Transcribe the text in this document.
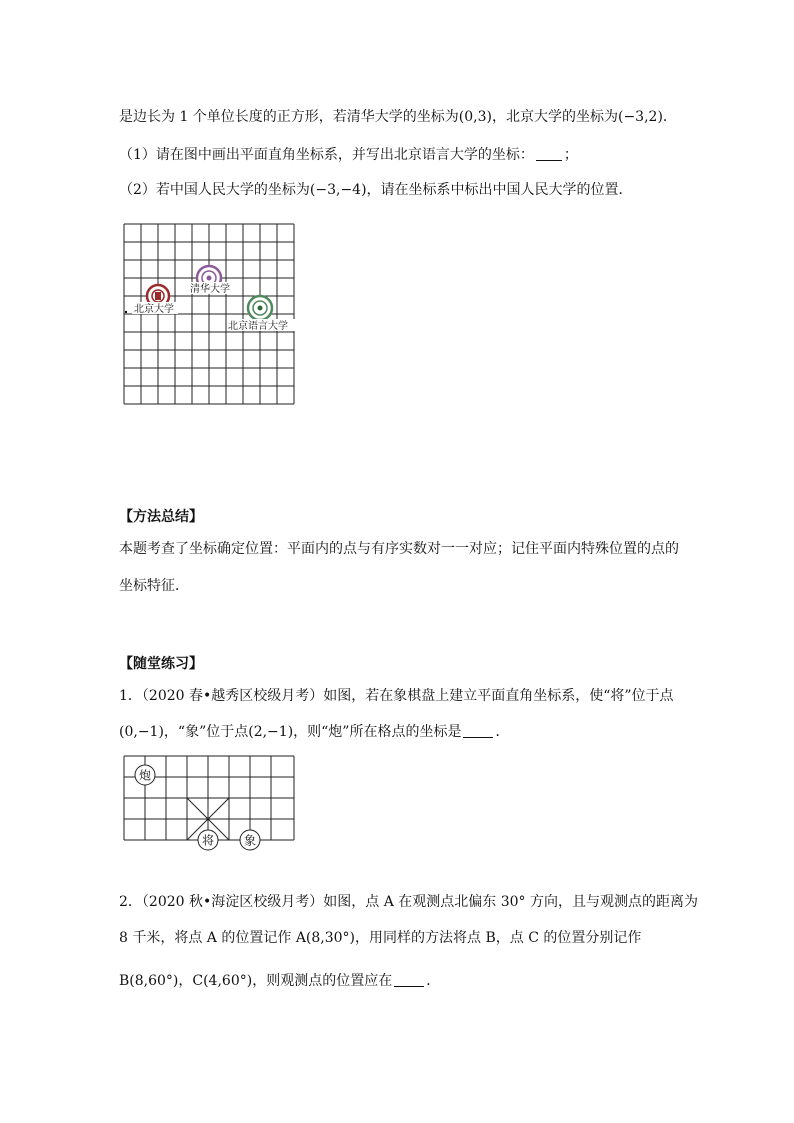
是边长为 1 个单位长度的正方形，若清华大学的坐标为(0,3)，北京大学的坐标为(−3,2)．
（1）请在图中画出平面直角坐标系，并写出北京语言大学的坐标： ；
（2）若中国人民大学的坐标为(−3,−4)，请在坐标系中标出中国人民大学的位置．
清华大学
北京大学
北京语言大学
【方法总结】
本题考查了坐标确定位置：平面内的点与有序实数对一一对应；记住平面内特殊位置的点的
坐标特征．
【随堂练习】
1．（2020 春•越秀区校级月考）如图，若在象棋盘上建立平面直角坐标系，使“将”位于点
(0,−1)，“象”位于点(2,−1)，则“炮”所在格点的坐标是 ．
炮
将 象
2．（2020 秋•海淀区校级月考）如图，点 A 在观测点北偏东 30° 方向，且与观测点的距离为
8 千米，将点 A 的位置记作 A(8,30°)，用同样的方法将点 B，点 C 的位置分别记作
B(8,60°)，C(4,60°)，则观测点的位置应在 ．
